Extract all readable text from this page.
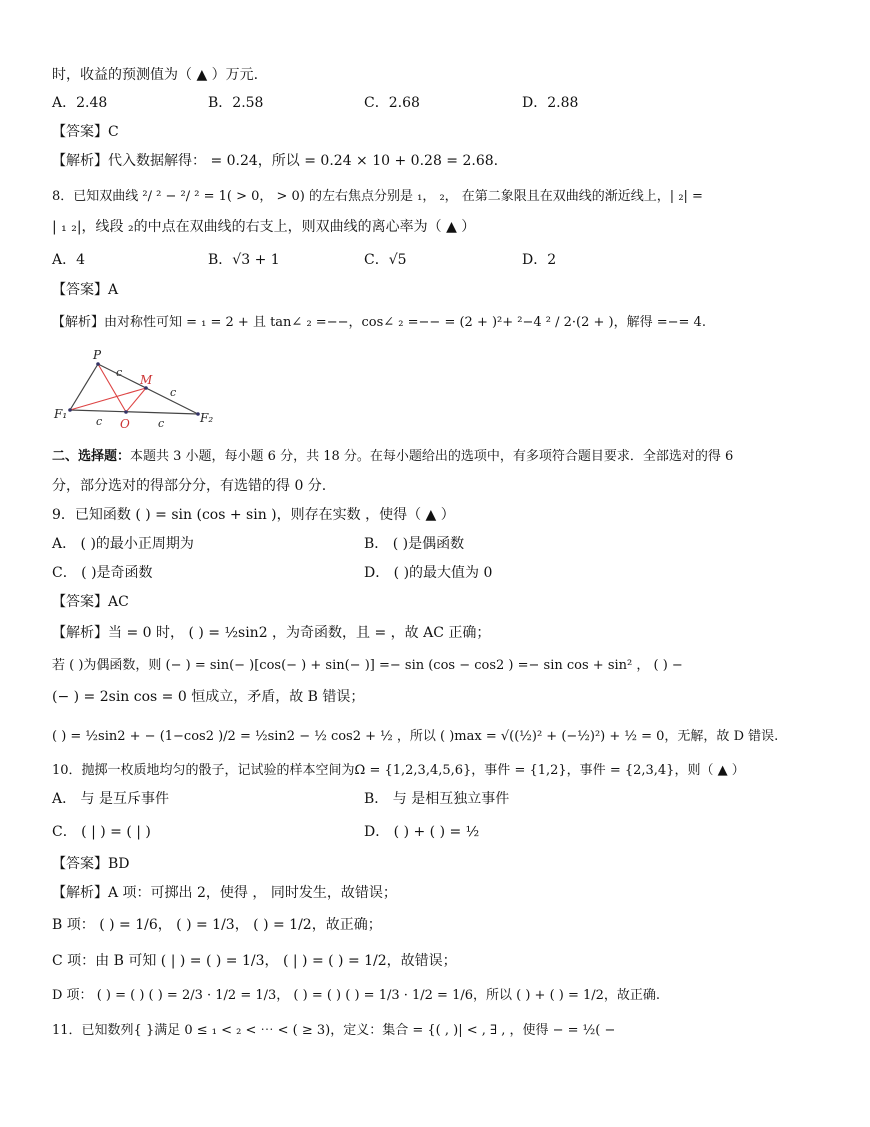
时，收益的预测值为（ ▲ ）万元.
A．2.48	B．2.58	C．2.68	D．2.88
【答案】C
【解析】代入数据解得： = 0.24，所以 = 0.24 × 10 + 0.28 = 2.68.
8．已知双曲线 ²/ ² − ²/ ² = 1( > 0， > 0) 的左右焦点分别是 ₁， ₂， 在第二象限且在双曲线的渐近线上，| ₂| =
| ₁ ₂|，线段 ₂的中点在双曲线的右支上，则双曲线的离心率为（ ▲ ）
A．4	B．√3 + 1	C．√5	D．2
【答案】A
【解析】由对称性可知 = ₁ = 2 + 且 tan∠ ₂ =−−，cos∠ ₂ =−− = (2 + )²+ ²−4 ² / 2·(2 + )，解得 =−= 4.
P
M
F₁
O	F₂
c
c
c	c
二、选择题：本题共 3 小题，每小题 6 分，共 18 分。在每小题给出的选项中，有多项符合题目要求．全部选对的得 6
分，部分选对的得部分分，有选错的得 0 分.
9．已知函数 ( ) = sin (cos + sin )，则存在实数 ，使得（ ▲ ）
A． ( )的最小正周期为	B． ( )是偶函数
C． ( )是奇函数	D． ( )的最大值为 0
【答案】AC
【解析】当 = 0 时， ( ) = ½sin2 ，为奇函数，且 = ，故 AC 正确；
若 ( )为偶函数，则 (− ) = sin(− )[cos(− ) + sin(− )] =− sin (cos − cos2 ) =− sin cos + sin² ， ( ) −
(− ) = 2sin cos = 0 恒成立，矛盾，故 B 错误；
( ) = ½sin2 + − (1−cos2 )/2 = ½sin2 − ½ cos2 + ½ ，所以 ( )max = √((½)² + (−½)²) + ½ = 0，无解，故 D 错误.
10．抛掷一枚质地均匀的骰子，记试验的样本空间为Ω = {1,2,3,4,5,6}，事件 = {1,2}，事件 = {2,3,4}，则（ ▲ ）
A． 与 是互斥事件	B． 与 是相互独立事件
C． ( | ) = ( | )	D． ( ) + ( ) = ½
【答案】BD
【解析】A 项：可掷出 2，使得 ， 同时发生，故错误；
B 项： ( ) = 1/6， ( ) = 1/3， ( ) = 1/2，故正确；
C 项：由 B 可知 ( | ) = ( ) = 1/3， ( | ) = ( ) = 1/2，故错误；
D 项： ( ) = ( ) ( ) = 2/3 · 1/2 = 1/3， ( ) = ( ) ( ) = 1/3 · 1/2 = 1/6，所以 ( ) + ( ) = 1/2，故正确.
11．已知数列{ }满足 0 ≤ ₁ < ₂ < ⋯ < ( ≥ 3)，定义：集合 = {( , )| < , ∃ , ，使得 − = ½( −
